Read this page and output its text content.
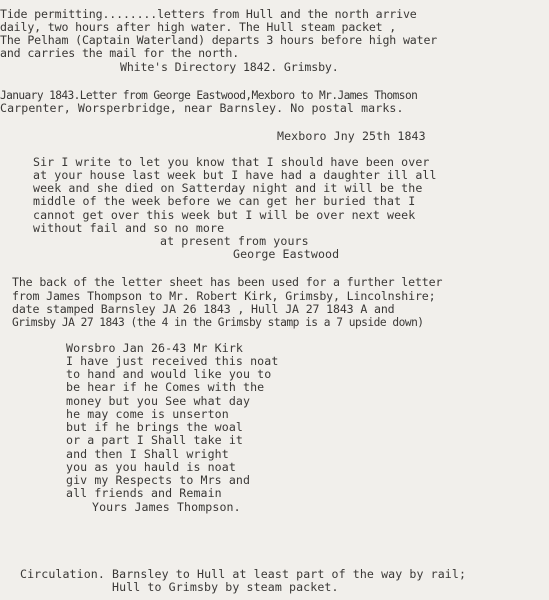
Tide permitting........letters from Hull and the north arrive
daily, two hours after high water. The Hull steam packet ,
The Pelham (Captain Waterland) departs 3 hours before high water
and carries the mail for the north.
White's Directory 1842. Grimsby.
January 1843.Letter from George Eastwood,Mexboro to Mr.James Thomson
Carpenter, Worsperbridge, near Barnsley. No postal marks.
Mexboro Jny 25th 1843
Sir I write to let you know that I should have been over
at your house last week but I have had a daughter ill all
week and she died on Satterday night and it will be the
middle of the week before we can get her buried that I
cannot get over this week but I will be over next week
without fail and so no more
at present from yours
George Eastwood
The back of the letter sheet has been used for a further letter
from James Thompson to Mr. Robert Kirk, Grimsby, Lincolnshire;
date stamped Barnsley JA 26 1843 , Hull JA 27 1843 A and
Grimsby JA 27 1843 (the 4 in the Grimsby stamp is a 7 upside down)
Worsbro Jan 26-43 Mr Kirk
I have just received this noat
to hand and would like you to
be hear if he Comes with the
money but you See what day
he may come is unserton
but if he brings the woal
or a part I Shall take it
and then I Shall wright
you as you hauld is noat
giv my Respects to Mrs and
all friends and Remain
Yours James Thompson.
Circulation. Barnsley to Hull at least part of the way by rail;
Hull to Grimsby by steam packet.
